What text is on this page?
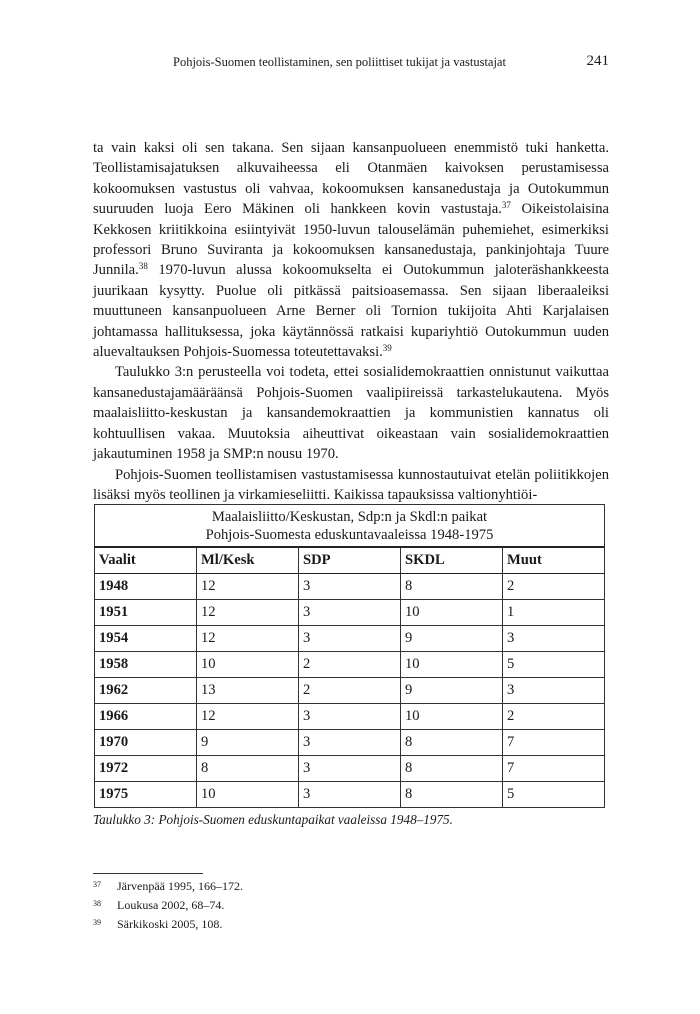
Pohjois-Suomen teollistaminen, sen poliittiset tukijat ja vastustajat	241

ta vain kaksi oli sen takana. Sen sijaan kansanpuolueen enemmistö tuki hanketta. Teollistamisajatuksen alkuvaiheessa eli Otanmäen kaivoksen perustamisessa kokoomuksen vastustus oli vahvaa, kokoomuksen kansanedustaja ja Outokummun suuruuden luoja Eero Mäkinen oli hankkeen kovin vastustaja.$^{37}$ Oikeistolaisina Kekkosen kriitikkoina esiintyivät 1950-luvun talouselämän puhemiehet, esimerkiksi professori Bruno Suviranta ja kokoomuksen kansanedustaja, pankinjohtaja Tuure Junnila.$^{38}$ 1970-luvun alussa kokoomukselta ei Outokummun jaloteräshankkeesta juurikaan kysytty. Puolue oli pitkässä paitsioasemassa. Sen sijaan liberaaleiksi muuttuneen kansanpuolueen Arne Berner oli Tornion tukijoita Ahti Karjalaisen johtamassa hallituksessa, joka käytännössä ratkaisi kupariyhtiö Outokummun uuden aluevaltauksen Pohjois-Suomessa toteutettavaksi.$^{39}$

Taulukko 3:n perusteella voi todeta, ettei sosialidemokraattien onnistunut vaikuttaa kansanedustajamääräänsä Pohjois-Suomen vaalipiireissä tarkastelukautena. Myös maalaisliitto-keskustan ja kansandemokraattien ja kommunistien kannatus oli kohtuullisen vakaa. Muutoksia aiheuttivat oikeastaan vain sosialidemokraattien jakautuminen 1958 ja SMP:n nousu 1970.

Pohjois-Suomen teollistamisen vastustamisessa kunnostautuivat etelän poliitikkojen lisäksi myös teollinen ja virkamieseliitti. Kaikissa tapauksissa valtionyhtiöi-

Maalaisliitto/Keskustan, Sdp:n ja Skdl:n paikat
Pohjois-Suomesta eduskuntavaaleissa 1948-1975				

Vaalit	Ml/Kesk	SDP	SKDL	Muut
1948	12	3	8	2
1951	12	3	10	1
1954	12	3	9	3
1958	10	2	10	5
1962	13	2	9	3
1966	12	3	10	2
1970	9	3	8	7
1972	8	3	8	7
1975	10	3	8	5
Taulukko 3: Pohjois-Suomen eduskuntapaikat vaaleissa 1948–1975.
37 Järvenpää 1995, 166–172.
38 Loukusa 2002, 68–74.
39 Särkikoski 2005, 108.
